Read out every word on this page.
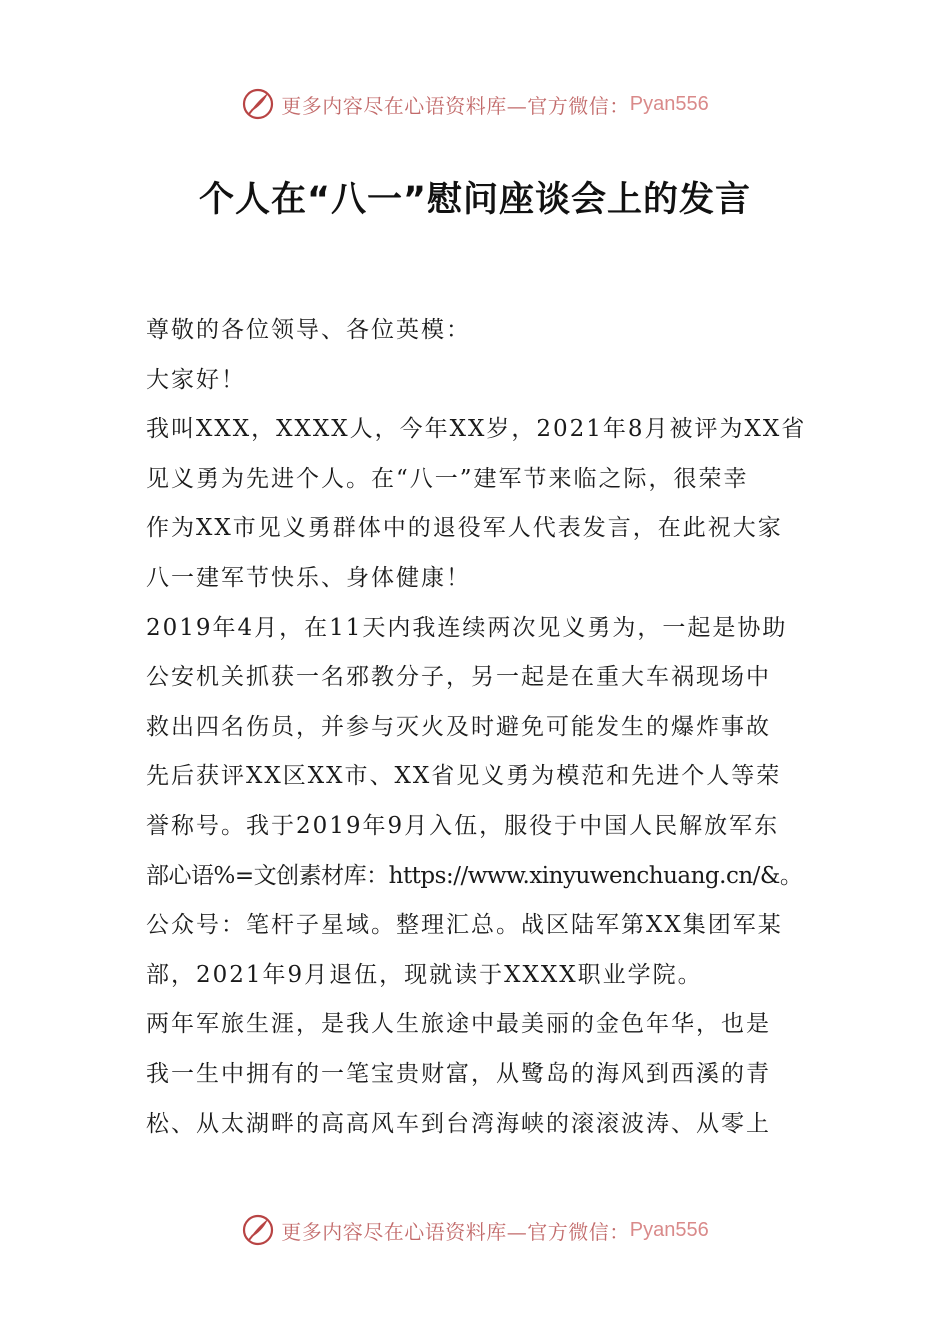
更多内容尽在心语资料库—官方微信： Pyan556
个人在“八一”慰问座谈会上的发言

尊敬的各位领导、各位英模：

大家好！

我叫XXX，XXXX人，今年XX岁，2021年8月被评为XX省
见义勇为先进个人。在“八一”建军节来临之际，很荣幸
作为XX市见义勇群体中的退役军人代表发言，在此祝大家
八一建军节快乐、身体健康！

2019年4月，在11天内我连续两次见义勇为，一起是协助
公安机关抓获一名邪教分子，另一起是在重大车祸现场中
救出四名伤员，并参与灭火及时避免可能发生的爆炸事故
先后获评XX区XX市、XX省见义勇为模范和先进个人等荣
誉称号。我于2019年9月入伍，服役于中国人民解放军东
部心语%=文创素材库：https://www.xinyuwenchuang.cn/&。
公众号：笔杆子星域。整理汇总。战区陆军第XX集团军某
部，2021年9月退伍，现就读于XXXX职业学院。

两年军旅生涯，是我人生旅途中最美丽的金色年华，也是
我一生中拥有的一笔宝贵财富，从鹭岛的海风到西溪的青
松、从太湖畔的高高风车到台湾海峡的滚滚波涛、从零上

更多内容尽在心语资料库—官方微信： Pyan556
